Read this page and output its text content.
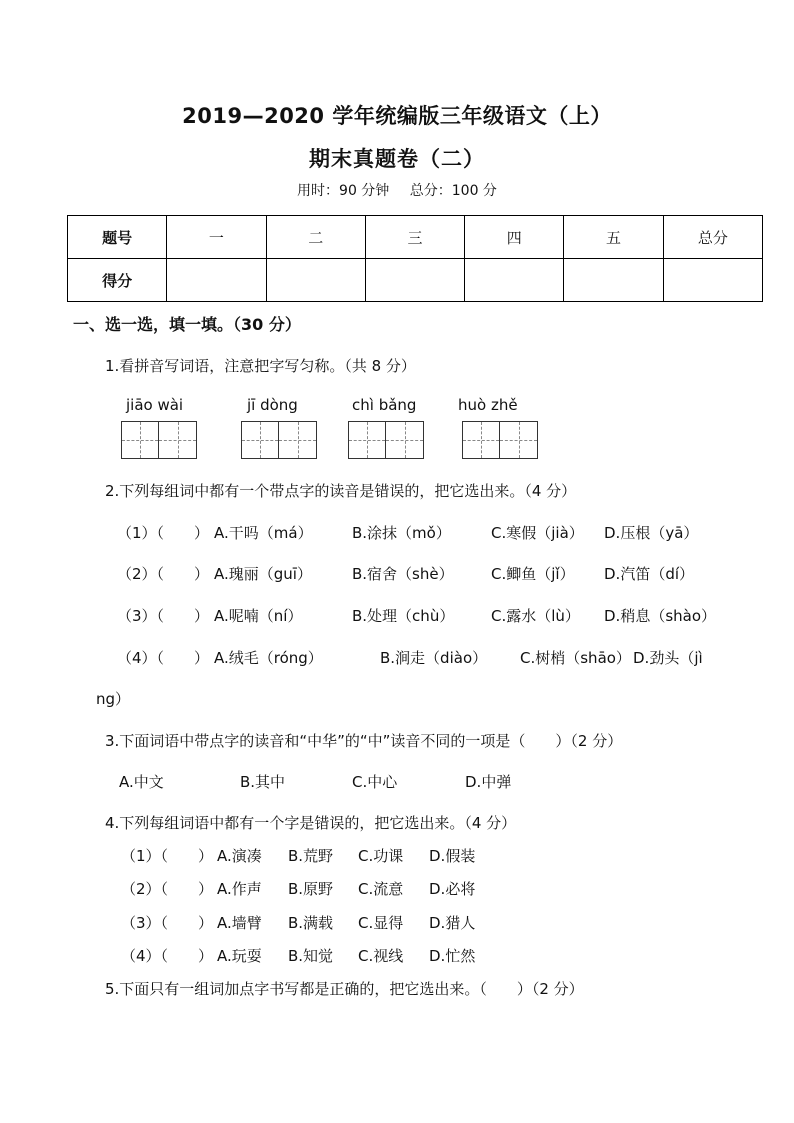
2019—2020 学年统编版三年级语文（上）
期末真题卷（二）
用时：90 分钟 总分：100 分
题号	一	二	三	四	五	总分
得分						
一、选一选，填一填。（30 分）
1.看拼音写词语，注意把字写匀称。（共 8 分）
jiāo wài	jī dòng	chì bǎng	huò zhě
2.下列每组词中都有一个带点字的读音是错误的，把它选出来。（4 分）
（1）（　　） A.干吗（má）	B.涂抹（mǒ）	C.寒假（jià） D.压根（yā）
（2）（　　） A.瑰丽（guī）	B.宿舍（shè） C.鲫鱼（jǐ） D.汽笛（dí）
（3）（　　） A.呢喃（ní）	B.处理（chù） C.露水（lù） D.稍息（shào）
（4）（　　） A.绒毛（róng）	B.涧走（diào） C.树梢（shāo） D.劲头（jì
ng）
3.下面词语中带点字的读音和“中华”的“中”读音不同的一项是（　　）（2 分）
A.中文	B.其中	C.中心	D.中弹
4.下列每组词语中都有一个字是错误的，把它选出来。（4 分）
（1）（　　） A.演凑 B.荒野 C.功课 D.假装
（2）（　　） A.作声 B.原野 C.流意 D.必将
（3）（　　） A.墙臂 B.满载 C.显得 D.猎人
（4）（　　） A.玩耍 B.知觉 C.视线 D.忙然
5.下面只有一组词加点字书写都是正确的，把它选出来。（　　）（2 分）
